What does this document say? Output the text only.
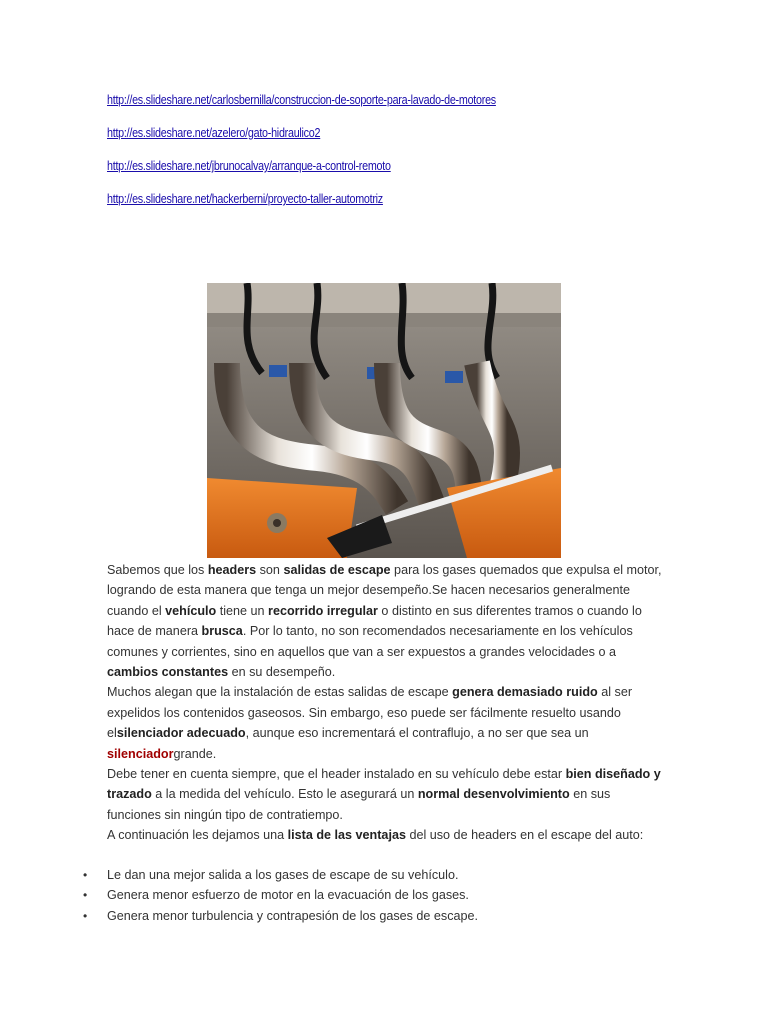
http://es.slideshare.net/carlosbernilla/construccion-de-soporte-para-lavado-de-motores
http://es.slideshare.net/azelero/gato-hidraulico2
http://es.slideshare.net/jbrunocalvay/arranque-a-control-remoto
http://es.slideshare.net/hackerberni/proyecto-taller-automotriz

Sabemos que los headers son salidas de escape para los gases quemados que expulsa el motor, logrando de esta manera que tenga un mejor desempeño.Se hacen necesarios generalmente cuando el vehículo tiene un recorrido irregular o distinto en sus diferentes tramos o cuando lo hace de manera brusca. Por lo tanto, no son recomendados necesariamente en los vehículos comunes y corrientes, sino en aquellos que van a ser expuestos a grandes velocidades o a cambios constantes en su desempeño.

Muchos alegan que la instalación de estas salidas de escape genera demasiado ruido al ser expelidos los contenidos gaseosos. Sin embargo, eso puede ser fácilmente resuelto usando elsilenciador adecuado, aunque eso incrementará el contraflujo, a no ser que sea un silenciadorgrande.

Debe tener en cuenta siempre, que el header instalado en su vehículo debe estar bien diseñado y trazado a la medida del vehículo. Esto le asegurará un normal desenvolvimiento en sus funciones sin ningún tipo de contratiempo.

A continuación les dejamos una lista de las ventajas del uso de headers en el escape del auto:

• Le dan una mejor salida a los gases de escape de su vehículo.
• Genera menor esfuerzo de motor en la evacuación de los gases.
• Genera menor turbulencia y contrapesión de los gases de escape.
